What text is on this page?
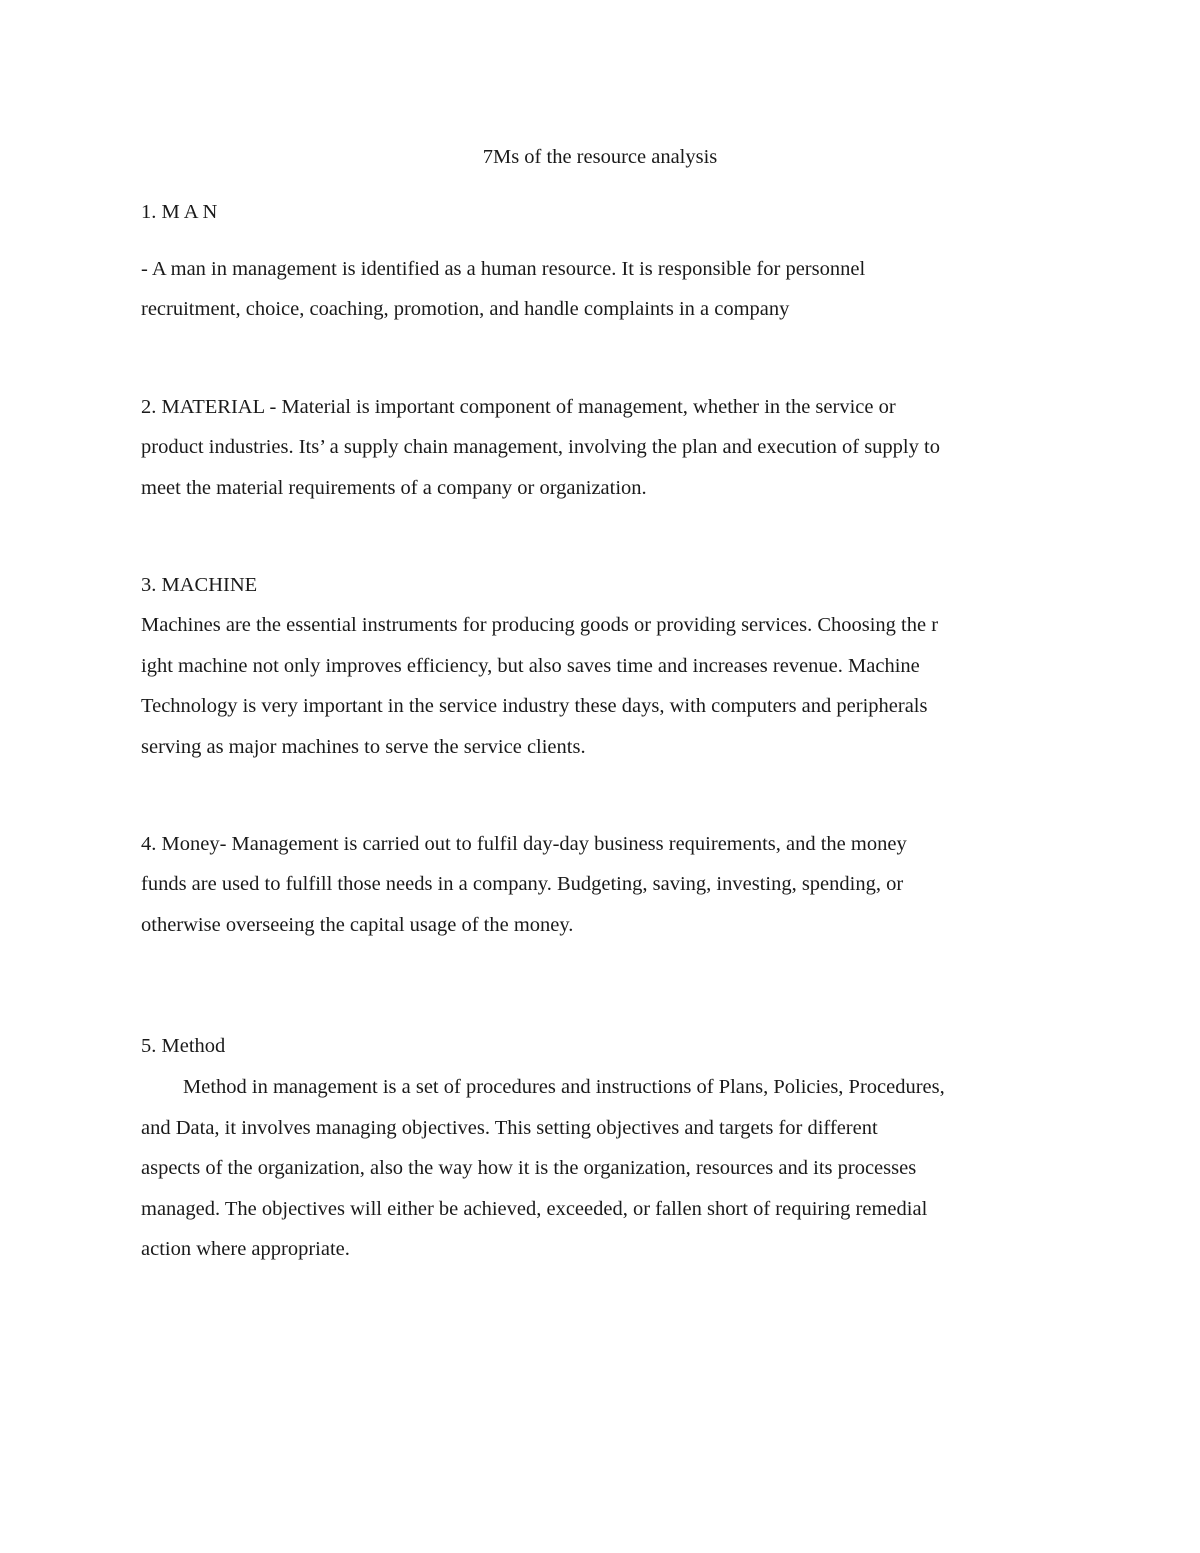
7Ms of the resource analysis
1. M A N
- A man in management is identified as a human resource. It is responsible for personnel
recruitment, choice, coaching, promotion, and handle complaints in a company
2. MATERIAL - Material is important component of management, whether in the service or
product industries. Its’ a supply chain management, involving the plan and execution of supply to
meet the material requirements of a company or organization.
3. MACHINE
Machines are the essential instruments for producing goods or providing services. Choosing the r
ight machine not only improves efficiency, but also saves time and increases revenue. Machine
Technology is very important in the service industry these days, with computers and peripherals
serving as major machines to serve the service clients.
4. Money- Management is carried out to fulfil day-day business requirements, and the money
funds are used to fulfill those needs in a company. Budgeting, saving, investing, spending, or
otherwise overseeing the capital usage of the money.
5. Method
Method in management is a set of procedures and instructions of Plans, Policies, Procedures,
and Data, it involves managing objectives. This setting objectives and targets for different
aspects of the organization, also the way how it is the organization, resources and its processes
managed. The objectives will either be achieved, exceeded, or fallen short of requiring remedial
action where appropriate.
